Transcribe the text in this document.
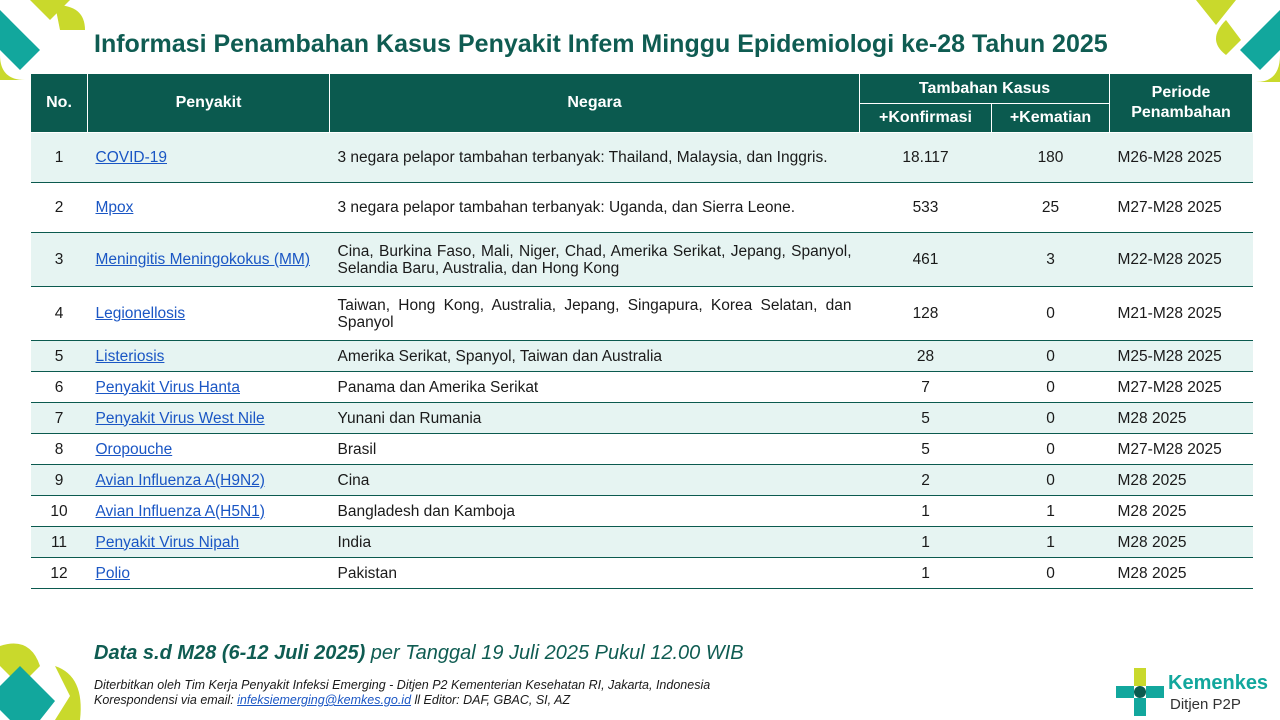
Informasi Penambahan Kasus Penyakit Infem Minggu Epidemiologi ke-28 Tahun 2025
No.	Penyakit	Negara	Tambahan Kasus		Periode Penambahan
			+Konfirmasi	+Kematian	
1	COVID-19	3 negara pelapor tambahan terbanyak: Thailand, Malaysia, dan Inggris.	18.117	180	M26-M28 2025
2	Mpox	3 negara pelapor tambahan terbanyak: Uganda, dan Sierra Leone.	533	25	M27-M28 2025
3	Meningitis Meningokokus (MM)	Cina, Burkina Faso, Mali, Niger, Chad, Amerika Serikat, Jepang, Spanyol, Selandia Baru, Australia, dan Hong Kong	461	3	M22-M28 2025
4	Legionellosis	Taiwan, Hong Kong, Australia, Jepang, Singapura, Korea Selatan, dan Spanyol	128	0	M21-M28 2025
5	Listeriosis	Amerika Serikat, Spanyol, Taiwan dan Australia	28	0	M25-M28 2025
6	Penyakit Virus Hanta	Panama dan Amerika Serikat	7	0	M27-M28 2025
7	Penyakit Virus West Nile	Yunani dan Rumania	5	0	M28 2025
8	Oropouche	Brasil	5	0	M27-M28 2025
9	Avian Influenza A(H9N2)	Cina	2	0	M28 2025
10	Avian Influenza A(H5N1)	Bangladesh dan Kamboja	1	1	M28 2025
11	Penyakit Virus Nipah	India	1	1	M28 2025
12	Polio	Pakistan	1	0	M28 2025
Data s.d M28 (6-12 Juli 2025) per Tanggal 19 Juli 2025 Pukul 12.00 WIB
Diterbitkan oleh Tim Kerja Penyakit Infeksi Emerging - Ditjen P2 Kementerian Kesehatan RI, Jakarta, Indonesia
Korespondensi via email: infeksiemerging@kemkes.go.id ll Editor: DAF, GBAC, SI, AZ
Kemenkes
Ditjen P2P
